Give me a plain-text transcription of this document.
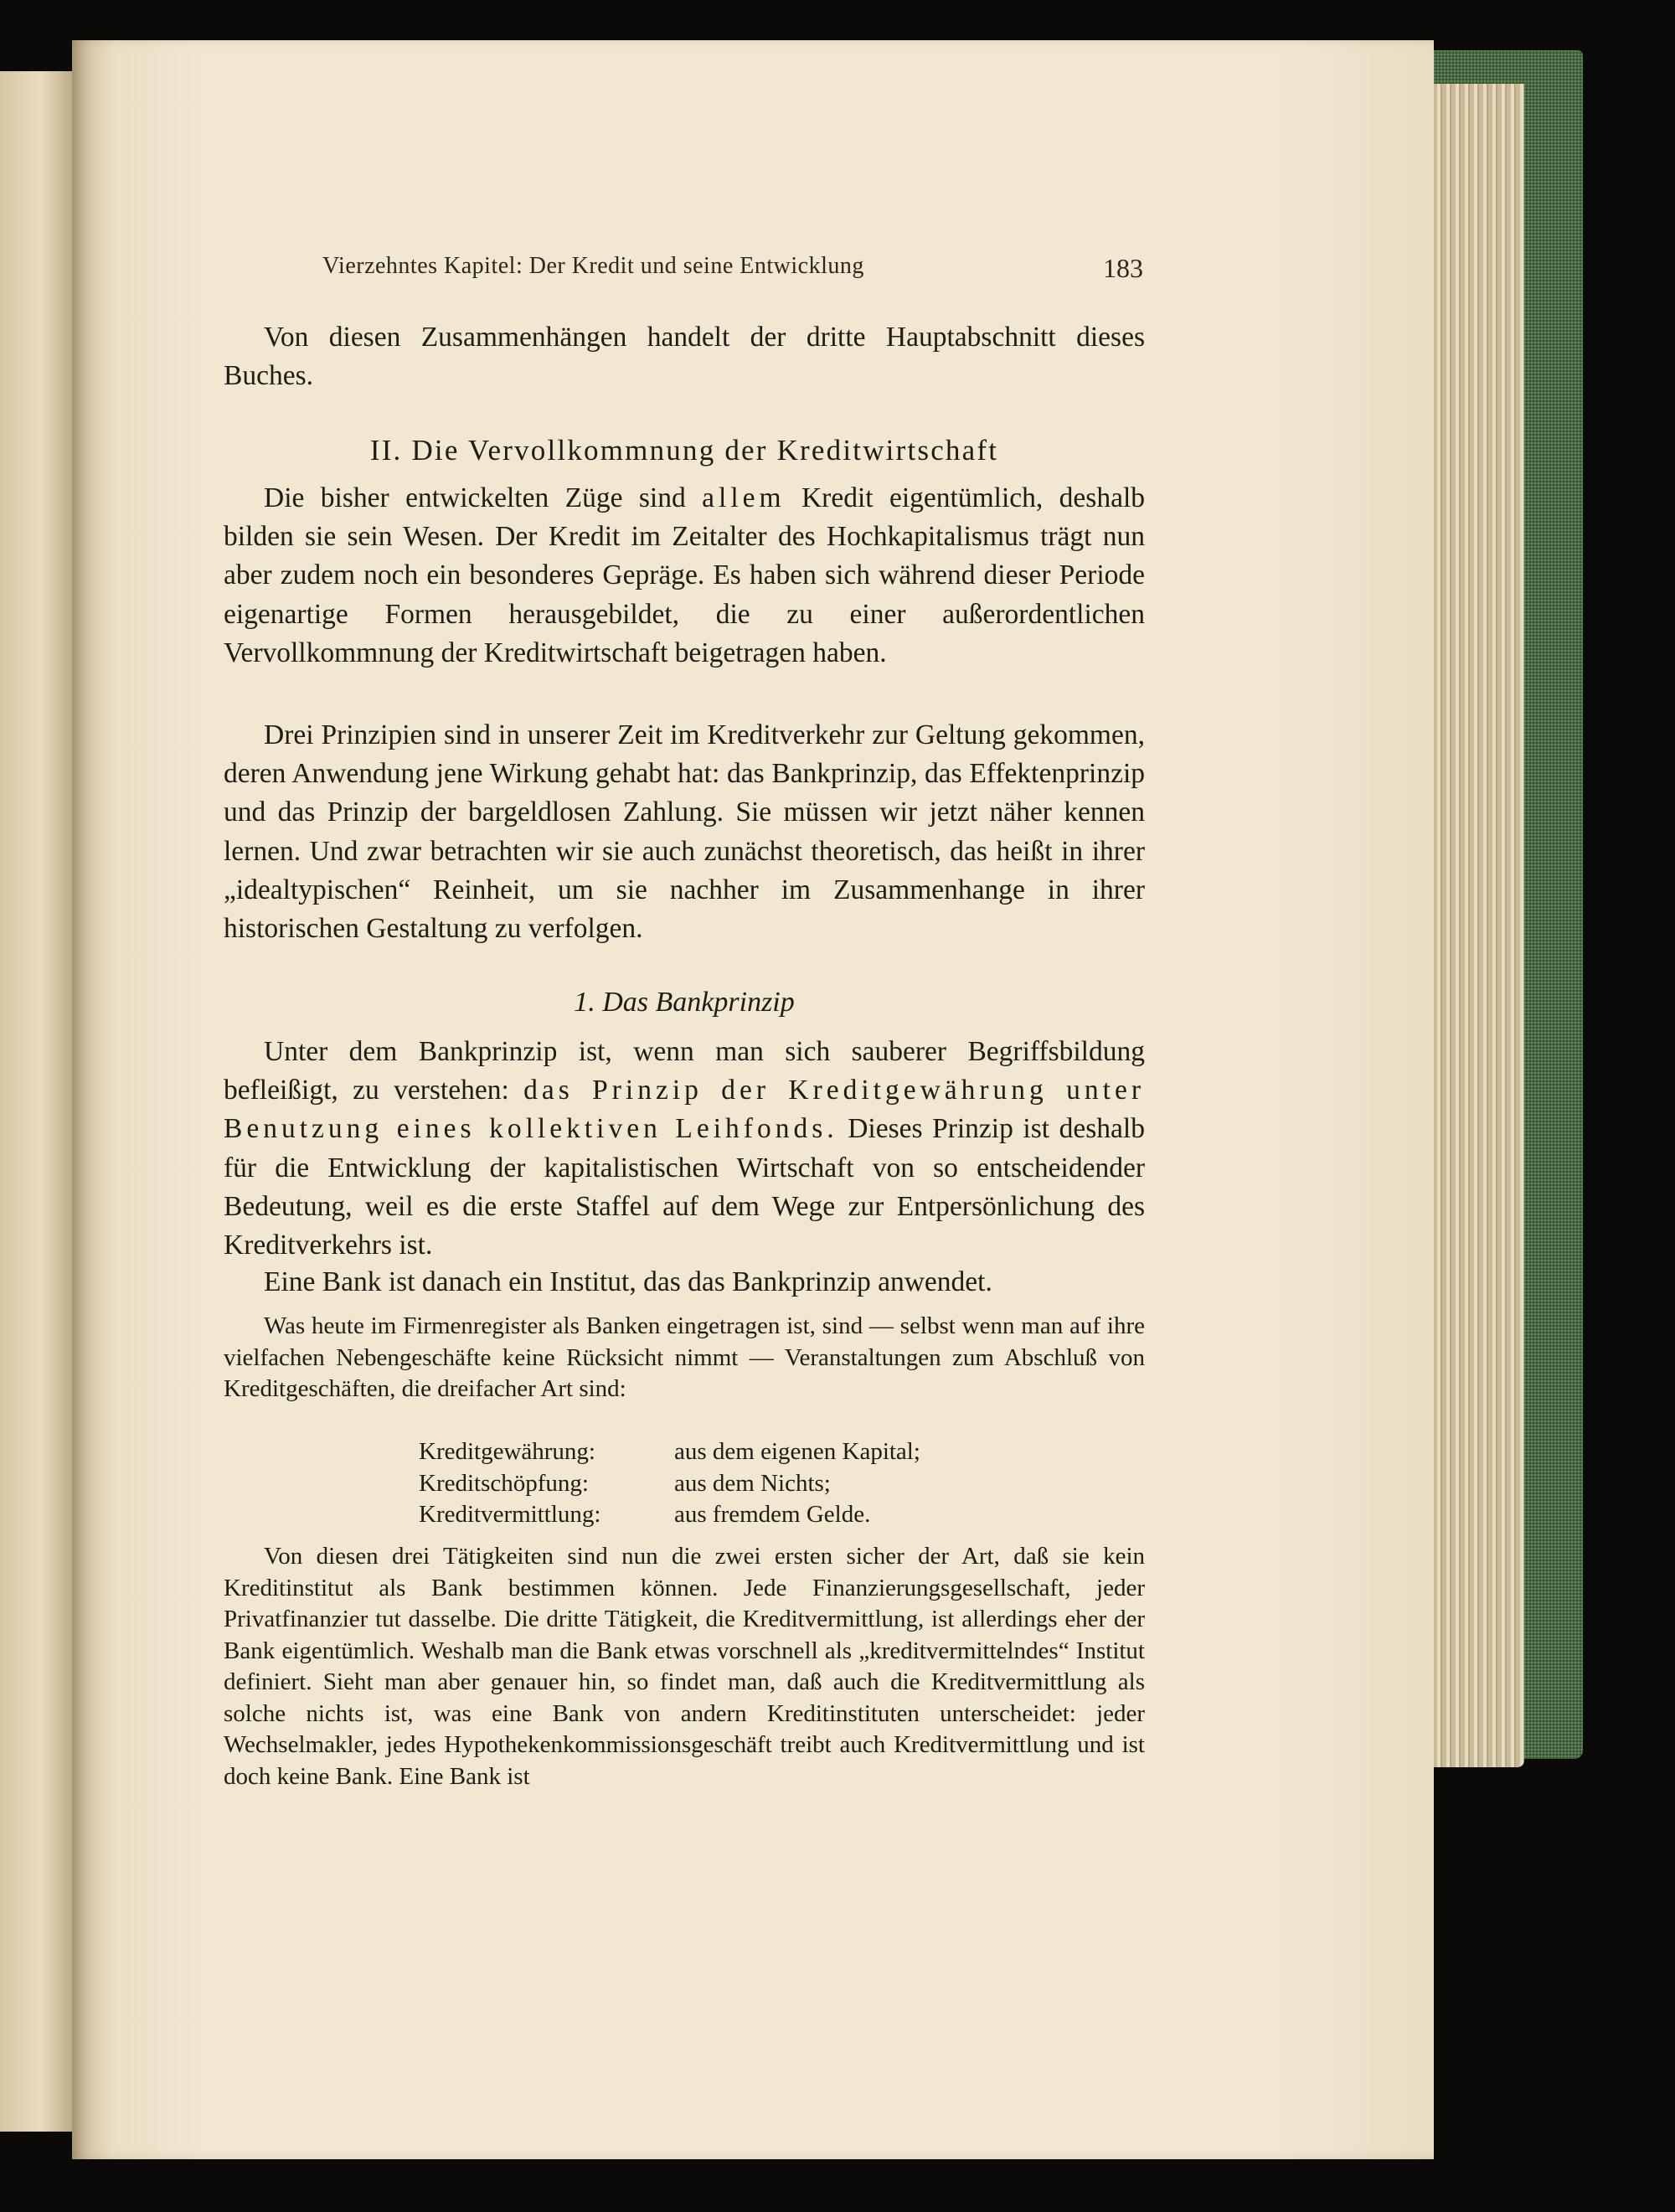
Vierzehntes Kapitel: Der Kredit und seine Entwicklung	183

Von diesen Zusammenhängen handelt der dritte Hauptabschnitt dieses Buches.

II. Die Vervollkommnung der Kreditwirtschaft

Die bisher entwickelten Züge sind allem Kredit eigentümlich, deshalb bilden sie sein Wesen. Der Kredit im Zeitalter des Hochkapitalismus trägt nun aber zudem noch ein besonderes Gepräge. Es haben sich während dieser Periode eigenartige Formen herausgebildet, die zu einer außerordentlichen Vervollkommnung der Kreditwirtschaft beigetragen haben.

Drei Prinzipien sind in unserer Zeit im Kreditverkehr zur Geltung gekommen, deren Anwendung jene Wirkung gehabt hat: das Bankprinzip, das Effektenprinzip und das Prinzip der bargeldlosen Zahlung. Sie müssen wir jetzt näher kennen lernen. Und zwar betrachten wir sie auch zunächst theoretisch, das heißt in ihrer „idealtypischen“ Reinheit, um sie nachher im Zusammenhange in ihrer historischen Gestaltung zu verfolgen.

1. Das Bankprinzip

Unter dem Bankprinzip ist, wenn man sich sauberer Begriffsbildung befleißigt, zu verstehen: das Prinzip der Kreditgewährung unter Benutzung eines kollektiven Leihfonds. Dieses Prinzip ist deshalb für die Entwicklung der kapitalistischen Wirtschaft von so entscheidender Bedeutung, weil es die erste Staffel auf dem Wege zur Entpersönlichung des Kreditverkehrs ist.

Eine Bank ist danach ein Institut, das das Bankprinzip anwendet.

Was heute im Firmenregister als Banken eingetragen ist, sind — selbst wenn man auf ihre vielfachen Nebengeschäfte keine Rücksicht nimmt — Veranstaltungen zum Abschluß von Kreditgeschäften, die dreifacher Art sind:

Kreditgewährung:	aus dem eigenen Kapital;
Kreditschöpfung:	aus dem Nichts;
Kreditvermittlung:	aus fremdem Gelde.

Von diesen drei Tätigkeiten sind nun die zwei ersten sicher der Art, daß sie kein Kreditinstitut als Bank bestimmen können. Jede Finanzierungsgesellschaft, jeder Privatfinanzier tut dasselbe. Die dritte Tätigkeit, die Kreditvermittlung, ist allerdings eher der Bank eigentümlich. Weshalb man die Bank etwas vorschnell als „kreditvermittelndes“ Institut definiert. Sieht man aber genauer hin, so findet man, daß auch die Kreditvermittlung als solche nichts ist, was eine Bank von andern Kreditinstituten unterscheidet: jeder Wechselmakler, jedes Hypothekenkommissionsgeschäft treibt auch Kreditvermittlung und ist doch keine Bank. Eine Bank ist
